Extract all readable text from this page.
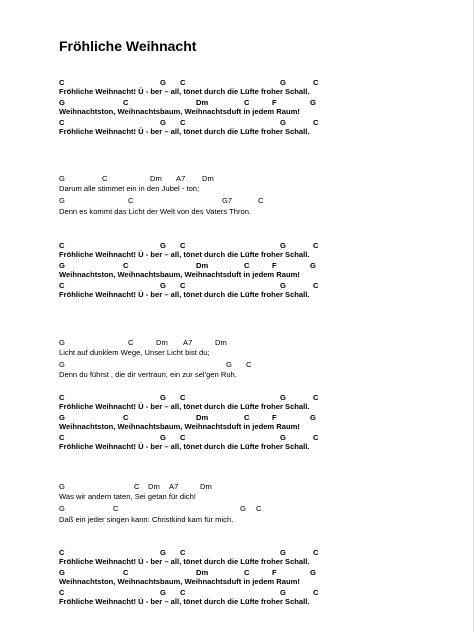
Fröhliche Weihnacht
C	G C	G	C
Fröhliche Weihnacht! Ü - ber – all, tönet durch die Lüfte froher Schall.
G	C	Dm	C	F	G
Weihnachtston, Weihnachtsbaum, Weihnachtsduft in jedem Raum!
C	G C	G	C
Fröhliche Weihnacht! Ü - ber – all, tönet durch die Lüfte froher Schall.
G	C	Dm A7 Dm
Darum alle stimmet ein in den Jubel - ton;
G	C	G7	C
Denn es kommt das Licht der Welt von des Vaters Thron.
C	G C	G	C
Fröhliche Weihnacht! Ü - ber – all, tönet durch die Lüfte froher Schall.
G	C	Dm	C	F	G
Weihnachtston, Weihnachtsbaum, Weihnachtsduft in jedem Raum!
C	G C	G	C
Fröhliche Weihnacht! Ü - ber – all, tönet durch die Lüfte froher Schall.
G	C	Dm A7	Dm
Licht auf dunklem Wege, Unser Licht bist du;
G	G C
Denn du führst , die dir vertraun, ein zur sel'gen Ruh.
C	G C	G	C
Fröhliche Weihnacht! Ü - ber – all, tönet durch die Lüfte froher Schall.
G	C	Dm	C	F	G
Weihnachtston, Weihnachtsbaum, Weihnachtsduft in jedem Raum!
C	G C	G	C
Fröhliche Weihnacht! Ü - ber – all, tönet durch die Lüfte froher Schall.
G	C Dm A7	Dm
Was wir andern taten, Sei getan für dich!
G	C	G C
Daß ein jeder singen kann: Christkind kam für mich.
C	G C	G	C
Fröhliche Weihnacht! Ü - ber – all, tönet durch die Lüfte froher Schall.
G	C	Dm	C	F	G
Weihnachtston, Weihnachtsbaum, Weihnachtsduft in jedem Raum!
C	G C	G	C
Fröhliche Weihnacht! Ü - ber – all, tönet durch die Lüfte froher Schall.
